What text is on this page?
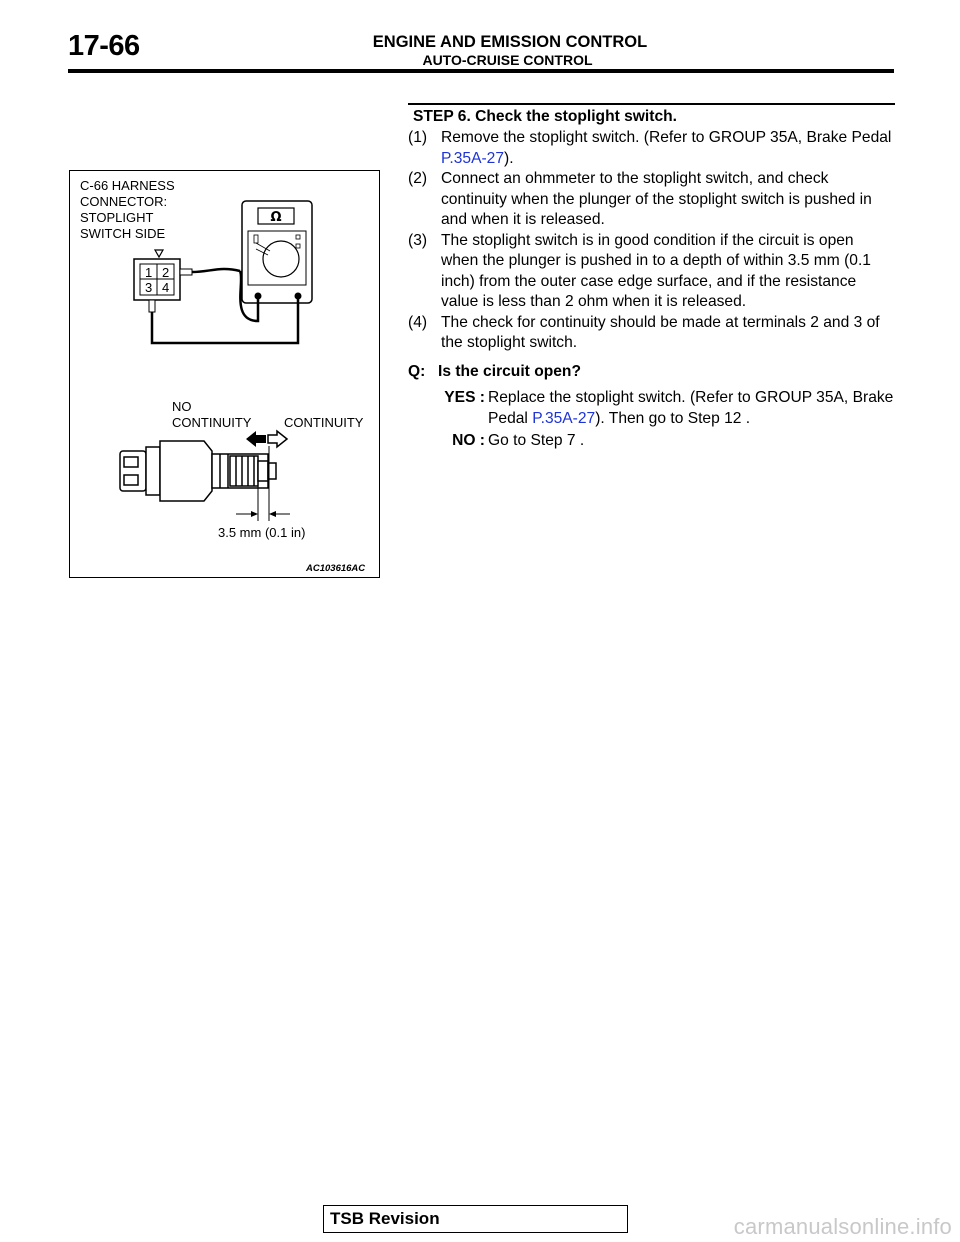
17-66	ENGINE AND EMISSION CONTROL
AUTO-CRUISE CONTROL
C-66 HARNESS
CONNECTOR:
STOPLIGHT
SWITCH SIDE
1 2
3 4
Ω
NO
CONTINUITY	CONTINUITY
3.5 mm (0.1 in)
AC103616AC
STEP 6. Check the stoplight switch.
(1) Remove the stoplight switch. (Refer to GROUP 35A, Brake Pedal P.35A-27).
(2) Connect an ohmmeter to the stoplight switch, and check continuity when the plunger of the stoplight switch is pushed in and when it is released.
(3) The stoplight switch is in good condition if the circuit is open when the plunger is pushed in to a depth of within 3.5 mm (0.1 inch) from the outer case edge surface, and if the resistance value is less than 2 ohm when it is released.
(4) The check for continuity should be made at terminals 2 and 3 of the stoplight switch.
Q: Is the circuit open?
YES : Replace the stoplight switch. (Refer to GROUP 35A, Brake Pedal P.35A-27). Then go to Step 12 .
NO : Go to Step 7 .
TSB Revision	carmanualsonline.info
